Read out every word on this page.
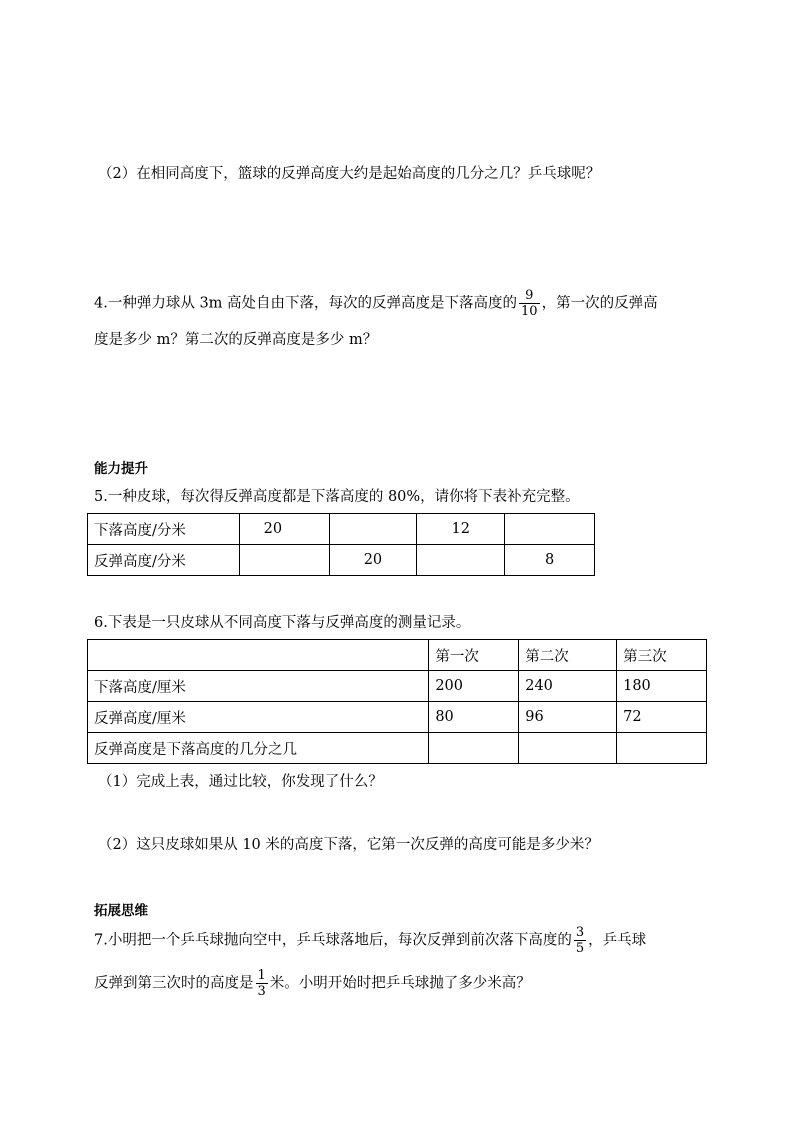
（2）在相同高度下，篮球的反弹高度大约是起始高度的几分之几？乒乓球呢？
4.一种弹力球从 3m 高处自由下落，每次的反弹高度是下落高度的 $\frac{9}{10}$ ，第一次的反弹高
度是多少 m？第二次的反弹高度是多少 m？
能力提升
5.一种皮球，每次得反弹高度都是下落高度的 80%，请你将下表补充完整。
下落高度/分米	20		12	
反弹高度/分米		20		8
6.下表是一只皮球从不同高度下落与反弹高度的测量记录。
	第一次	第二次	第三次
下落高度/厘米	200	240	180
反弹高度/厘米	80	96	72
反弹高度是下落高度的几分之几			
（1）完成上表，通过比较，你发现了什么？
（2）这只皮球如果从 10 米的高度下落，它第一次反弹的高度可能是多少米？
拓展思维
7.小明把一个乒乓球抛向空中，乒乓球落地后，每次反弹到前次落下高度的 $\frac{3}{5}$ ，乒乓球
反弹到第三次时的高度是 $\frac{1}{3}$ 米。小明开始时把乒乓球抛了多少米高？
